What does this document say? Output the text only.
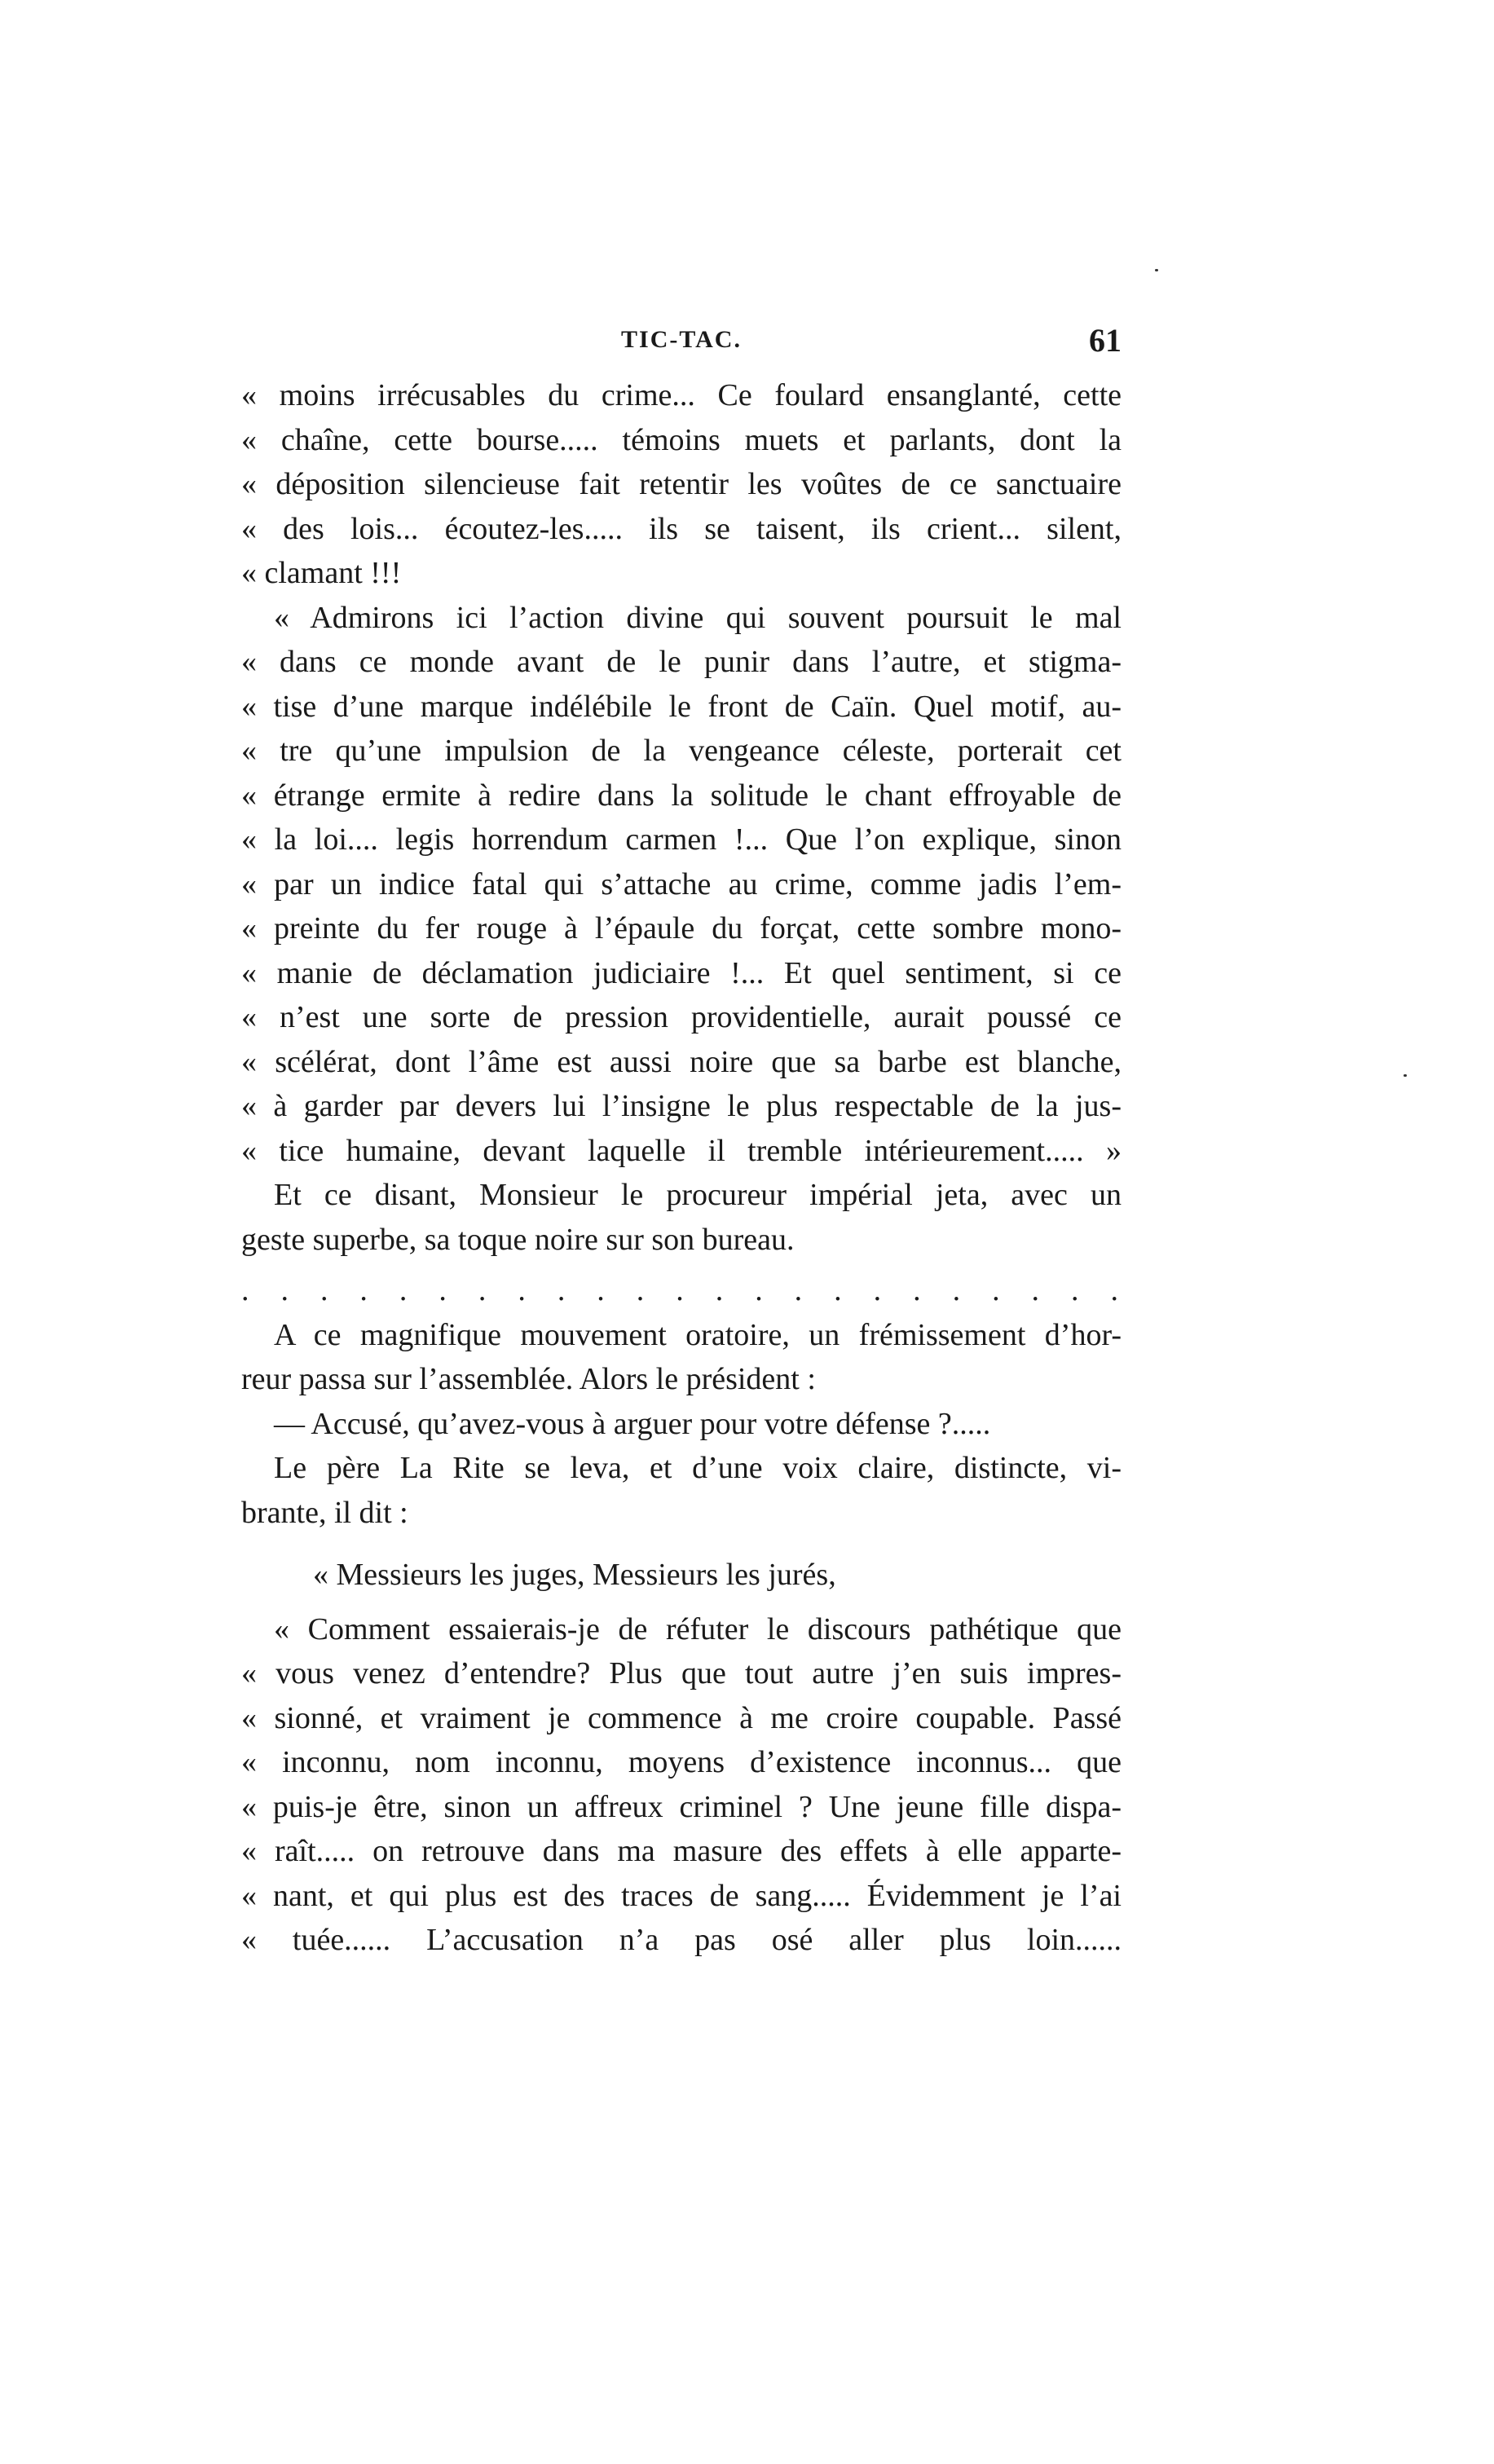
TIC-TAC.	61
« moins irrécusables du crime... Ce foulard ensanglanté, cette
« chaîne, cette bourse..... témoins muets et parlants, dont la
« déposition silencieuse fait retentir les voûtes de ce sanctuaire
« des lois... écoutez-les..... ils se taisent, ils crient... silent,
« clamant !!!
« Admirons ici l’action divine qui souvent poursuit le mal
« dans ce monde avant de le punir dans l’autre, et stigma-
« tise d’une marque indélébile le front de Caïn. Quel motif, au-
« tre qu’une impulsion de la vengeance céleste, porterait cet
« étrange ermite à redire dans la solitude le chant effroyable de
« la loi.... legis horrendum carmen !... Que l’on explique, sinon
« par un indice fatal qui s’attache au crime, comme jadis l’em-
« preinte du fer rouge à l’épaule du forçat, cette sombre mono-
« manie de déclamation judiciaire !... Et quel sentiment, si ce
« n’est une sorte de pression providentielle, aurait poussé ce
« scélérat, dont l’âme est aussi noire que sa barbe est blanche,
« à garder par devers lui l’insigne le plus respectable de la jus-
« tice humaine, devant laquelle il tremble intérieurement..... »
Et ce disant, Monsieur le procureur impérial jeta, avec un
geste superbe, sa toque noire sur son bureau.
. . . . . . . . . . . . . . . . . . . . . . .
A ce magnifique mouvement oratoire, un frémissement d’hor-
reur passa sur l’assemblée. Alors le président :
— Accusé, qu’avez-vous à arguer pour votre défense ?.....
Le père La Rite se leva, et d’une voix claire, distincte, vi-
brante, il dit :
« Messieurs les juges, Messieurs les jurés,
« Comment essaierais-je de réfuter le discours pathétique que
« vous venez d’entendre? Plus que tout autre j’en suis impres-
« sionné, et vraiment je commence à me croire coupable. Passé
« inconnu, nom inconnu, moyens d’existence inconnus... que
« puis-je être, sinon un affreux criminel ? Une jeune fille dispa-
« raît..... on retrouve dans ma masure des effets à elle apparte-
« nant, et qui plus est des traces de sang..... Évidemment je l’ai
« tuée...... L’accusation n’a pas osé aller plus loin......
